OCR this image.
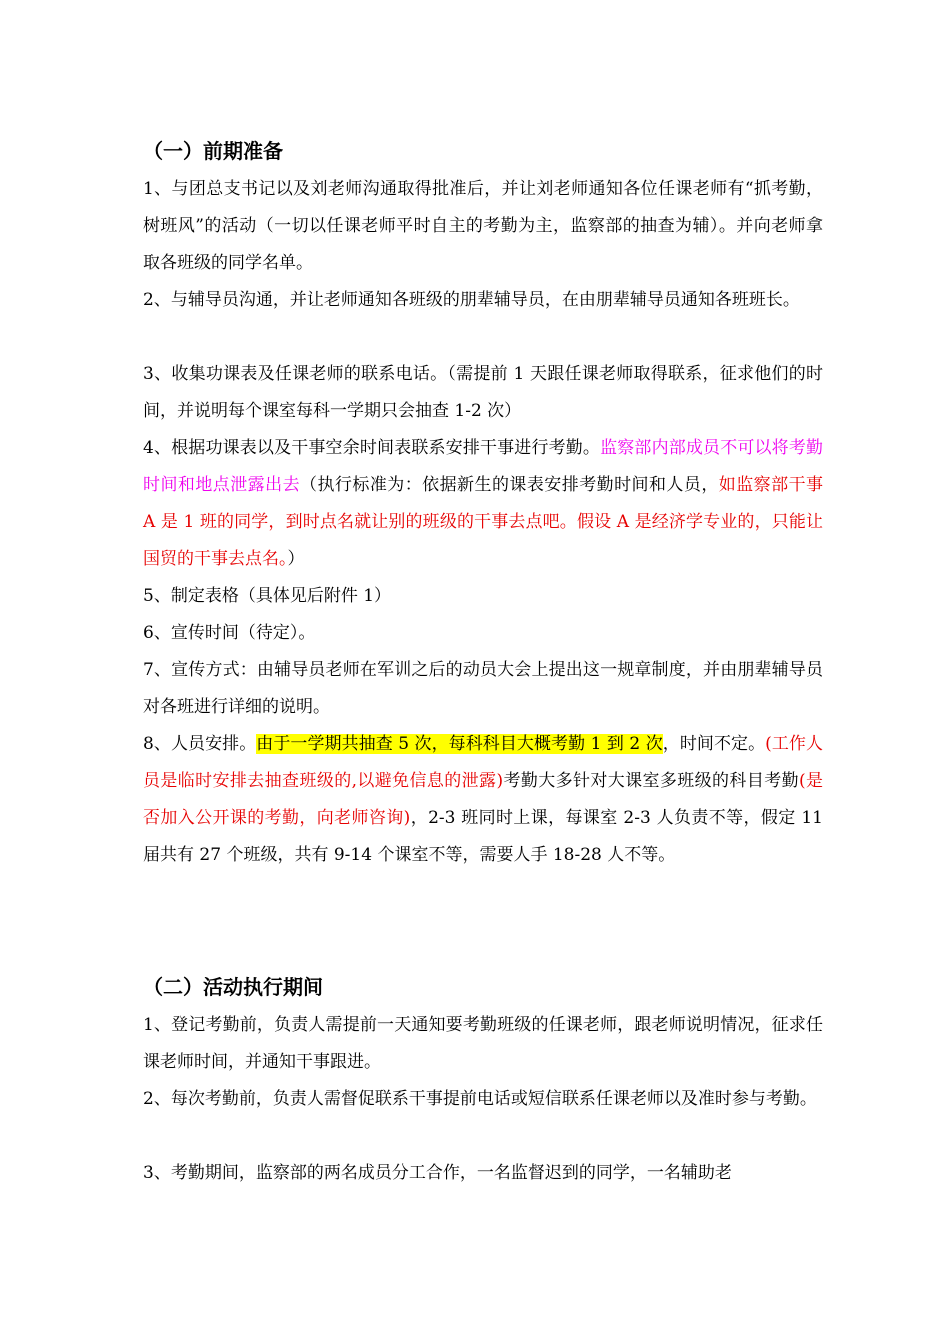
（一）前期准备
1、与团总支书记以及刘老师沟通取得批准后，并让刘老师通知各位任课老师有“抓考勤，树班风”的活动（一切以任课老师平时自主的考勤为主，监察部的抽查为辅）。并向老师拿取各班级的同学名单。
2、与辅导员沟通，并让老师通知各班级的朋辈辅导员，在由朋辈辅导员通知各班班长。
3、收集功课表及任课老师的联系电话。（需提前 1 天跟任课老师取得联系，征求他们的时间，并说明每个课室每科一学期只会抽查 1-2 次）
4、根据功课表以及干事空余时间表联系安排干事进行考勤。监察部内部成员不可以将考勤时间和地点泄露出去（执行标准为：依据新生的课表安排考勤时间和人员，如监察部干事 A 是 1 班的同学，到时点名就让别的班级的干事去点吧。假设 A 是经济学专业的，只能让国贸的干事去点名。）
5、制定表格（具体见后附件 1）
6、宣传时间（待定）。
7、宣传方式：由辅导员老师在军训之后的动员大会上提出这一规章制度，并由朋辈辅导员对各班进行详细的说明。
8、人员安排。由于一学期共抽查 5 次，每科科目大概考勤 1 到 2 次，时间不定。(工作人员是临时安排去抽查班级的,以避免信息的泄露)考勤大多针对大课室多班级的科目考勤(是否加入公开课的考勤，向老师咨询)，2-3 班同时上课，每课室 2-3 人负责不等，假定 11 届共有 27 个班级，共有 9-14 个课室不等，需要人手 18-28 人不等。
（二）活动执行期间
1、登记考勤前，负责人需提前一天通知要考勤班级的任课老师，跟老师说明情况，征求任课老师时间，并通知干事跟进。
2、每次考勤前，负责人需督促联系干事提前电话或短信联系任课老师以及准时参与考勤。
3、考勤期间，监察部的两名成员分工合作，一名监督迟到的同学，一名辅助老
